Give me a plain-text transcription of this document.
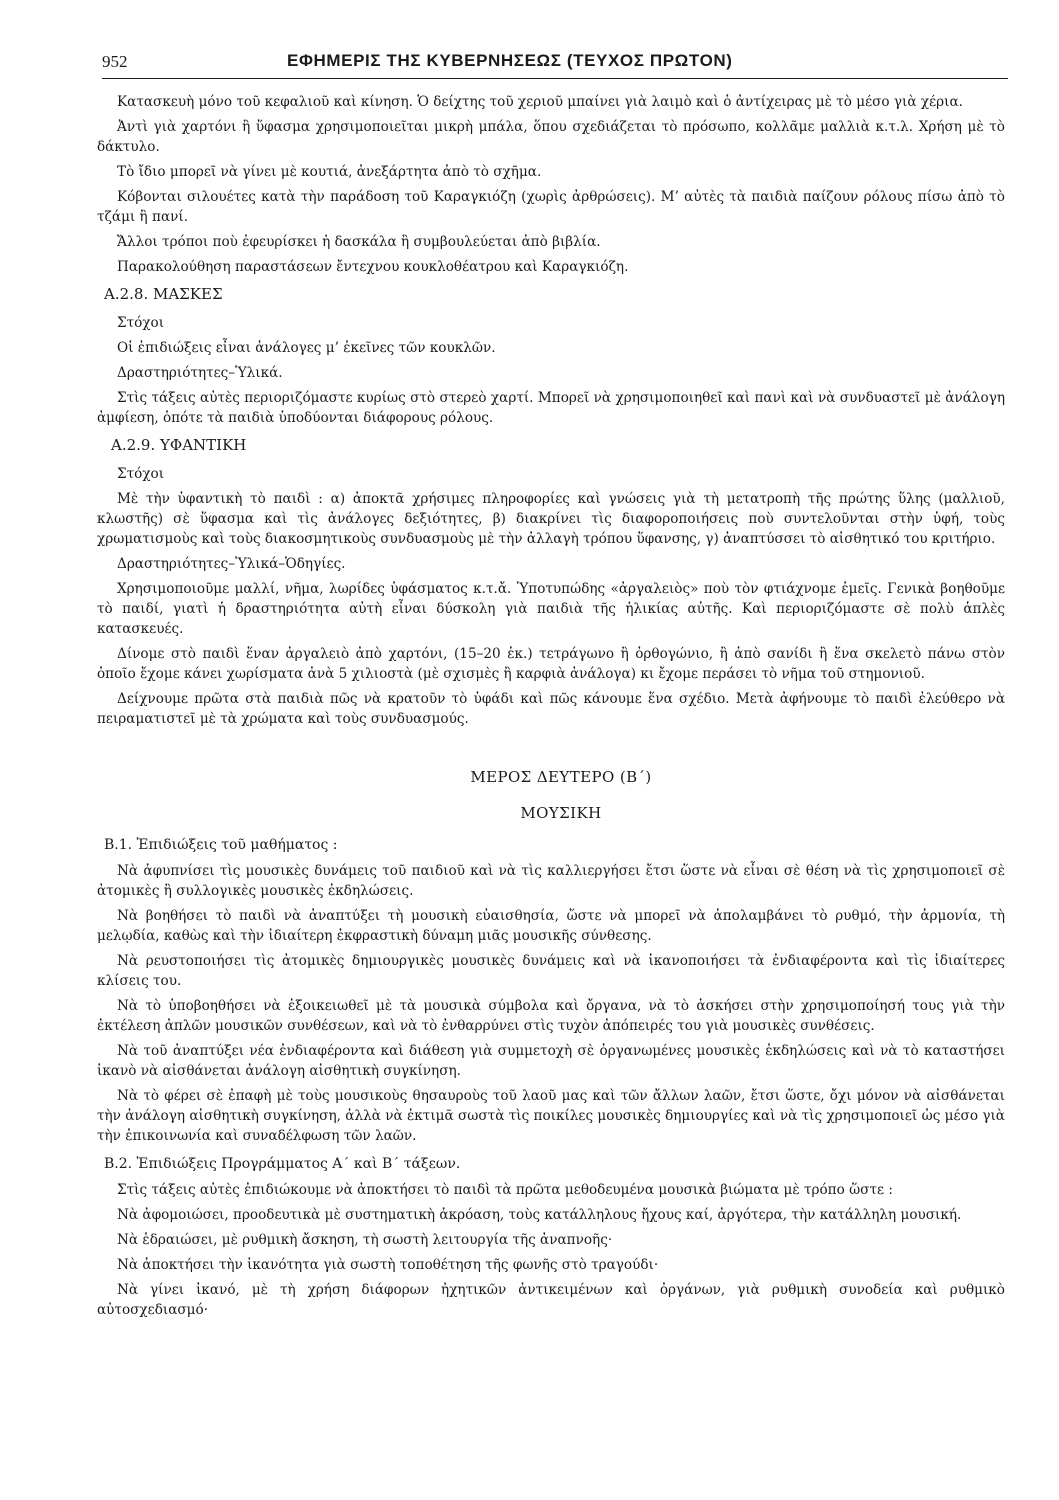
952	ΕΦΗΜΕΡΙΣ ΤΗΣ ΚΥΒΕΡΝΗΣΕΩΣ (ΤΕΥΧΟΣ ΠΡΩΤΟΝ)

Κατασκευὴ μόνο τοῦ κεφαλιοῦ καὶ κίνηση. Ὁ δείχτης τοῦ χεριοῦ μπαίνει γιὰ λαιμὸ καὶ ὁ ἀντίχειρας μὲ τὸ μέσο γιὰ χέρια.

Ἀντὶ γιὰ χαρτόνι ἢ ὕφασμα χρησιμοποιεῖται μικρὴ μπάλα, ὅπου σχεδιάζεται τὸ πρόσωπο, κολλᾶμε μαλλιὰ κ.τ.λ. Χρήση μὲ τὸ δάκτυλο.

Τὸ ἴδιο μπορεῖ νὰ γίνει μὲ κουτιά, ἀνεξάρτητα ἀπὸ τὸ σχῆμα.

Κόβονται σιλουέτες κατὰ τὴν παράδοση τοῦ Καραγκιόζη (χωρὶς ἀρθρώσεις). Μ’ αὐτὲς τὰ παιδιὰ παίζουν ρόλους πίσω ἀπὸ τὸ τζάμι ἢ πανί.

Ἄλλοι τρόποι ποὺ ἐφευρίσκει ἡ δασκάλα ἢ συμβουλεύεται ἀπὸ βιβλία.

Παρακολούθηση παραστάσεων ἔντεχνου κουκλοθέατρου καὶ Καραγκιόζη.

Α.2.8. ΜΑΣΚΕΣ

Στόχοι

Οἱ ἐπιδιώξεις εἶναι ἀνάλογες μ’ ἐκεῖνες τῶν κουκλῶν.

Δραστηριότητες–Ὑλικά.

Στὶς τάξεις αὐτὲς περιοριζόμαστε κυρίως στὸ στερεὸ χαρτί. Μπορεῖ νὰ χρησιμοποιηθεῖ καὶ πανὶ καὶ νὰ συνδυαστεῖ μὲ ἀνάλογη ἀμφίεση, ὁπότε τὰ παιδιὰ ὑποδύονται διάφορους ρόλους.

Α.2.9. ΥΦΑΝΤΙΚΗ

Στόχοι

Μὲ τὴν ὑφαντικὴ τὸ παιδὶ : α) ἀποκτᾶ χρήσιμες πληροφορίες καὶ γνώσεις γιὰ τὴ μετατροπὴ τῆς πρώτης ὕλης (μαλλιοῦ, κλωστῆς) σὲ ὕφασμα καὶ τὶς ἀνάλογες δεξιότητες, β) διακρίνει τὶς διαφοροποιήσεις ποὺ συντελοῦνται στὴν ὑφή, τοὺς χρωματισμοὺς καὶ τοὺς διακοσμητικοὺς συνδυασμοὺς μὲ τὴν ἀλλαγὴ τρόπου ὕφανσης, γ) ἀναπτύσσει τὸ αἰσθητικό του κριτήριο.

Δραστηριότητες–Ὑλικά–Ὁδηγίες.

Χρησιμοποιοῦμε μαλλί, νῆμα, λωρίδες ὑφάσματος κ.τ.ἄ. Ὑποτυπώδης «ἀργαλειὸς» ποὺ τὸν φτιάχνομε ἐμεῖς. Γενικὰ βοηθοῦμε τὸ παιδί, γιατὶ ἡ δραστηριότητα αὐτὴ εἶναι δύσκολη γιὰ παιδιὰ τῆς ἡλικίας αὐτῆς. Καὶ περιοριζόμαστε σὲ πολὺ ἁπλὲς κατασκευές.

Δίνομε στὸ παιδὶ ἕναν ἀργαλειὸ ἀπὸ χαρτόνι, (15–20 ἑκ.) τετράγωνο ἢ ὀρθογώνιο, ἢ ἀπὸ σανίδι ἢ ἕνα σκελετὸ πάνω στὸν ὁποῖο ἔχομε κάνει χωρίσματα ἀνὰ 5 χιλιοστὰ (μὲ σχισμὲς ἢ καρφιὰ ἀνάλογα) κι ἔχομε περάσει τὸ νῆμα τοῦ στημονιοῦ.

Δείχνουμε πρῶτα στὰ παιδιὰ πῶς νὰ κρατοῦν τὸ ὑφάδι καὶ πῶς κάνουμε ἕνα σχέδιο. Μετὰ ἀφήνουμε τὸ παιδὶ ἐλεύθερο νὰ πειραματιστεῖ μὲ τὰ χρώματα καὶ τοὺς συνδυασμούς.

ΜΕΡΟΣ ΔΕΥΤΕΡΟ (Β΄)

ΜΟΥΣΙΚΗ

Β.1. Ἐπιδιώξεις τοῦ μαθήματος :

Νὰ ἀφυπνίσει τὶς μουσικὲς δυνάμεις τοῦ παιδιοῦ καὶ νὰ τὶς καλλιεργήσει ἔτσι ὥστε νὰ εἶναι σὲ θέση νὰ τὶς χρησιμοποιεῖ σὲ ἀτομικὲς ἢ συλλογικὲς μουσικὲς ἐκδηλώσεις.

Νὰ βοηθήσει τὸ παιδὶ νὰ ἀναπτύξει τὴ μουσικὴ εὐαισθησία, ὥστε νὰ μπορεῖ νὰ ἀπολαμβάνει τὸ ρυθμό, τὴν ἁρμονία, τὴ μελῳδία, καθὼς καὶ τὴν ἰδιαίτερη ἐκφραστικὴ δύναμη μιᾶς μουσικῆς σύνθεσης.

Νὰ ρευστοποιήσει τὶς ἀτομικὲς δημιουργικὲς μουσικὲς δυνάμεις καὶ νὰ ἱκανοποιήσει τὰ ἐνδιαφέροντα καὶ τὶς ἰδιαίτερες κλίσεις του.

Νὰ τὸ ὑποβοηθήσει νὰ ἐξοικειωθεῖ μὲ τὰ μουσικὰ σύμβολα καὶ ὄργανα, νὰ τὸ ἀσκήσει στὴν χρησιμοποίησή τους γιὰ τὴν ἐκτέλεση ἁπλῶν μουσικῶν συνθέσεων, καὶ νὰ τὸ ἐνθαρρύνει στὶς τυχὸν ἀπόπειρές του γιὰ μουσικὲς συνθέσεις.

Νὰ τοῦ ἀναπτύξει νέα ἐνδιαφέροντα καὶ διάθεση γιὰ συμμετοχὴ σὲ ὀργανωμένες μουσικὲς ἐκδηλώσεις καὶ νὰ τὸ καταστήσει ἱκανὸ νὰ αἰσθάνεται ἀνάλογη αἰσθητικὴ συγκίνηση.

Νὰ τὸ φέρει σὲ ἐπαφὴ μὲ τοὺς μουσικοὺς θησαυροὺς τοῦ λαοῦ μας καὶ τῶν ἄλλων λαῶν, ἔτσι ὥστε, ὄχι μόνον νὰ αἰσθάνεται τὴν ἀνάλογη αἰσθητικὴ συγκίνηση, ἀλλὰ νὰ ἐκτιμᾶ σωστὰ τὶς ποικίλες μουσικὲς δημιουργίες καὶ νὰ τὶς χρησιμοποιεῖ ὡς μέσο γιὰ τὴν ἐπικοινωνία καὶ συναδέλφωση τῶν λαῶν.

Β.2. Ἐπιδιώξεις Προγράμματος Α΄ καὶ Β΄ τάξεων.

Στὶς τάξεις αὐτὲς ἐπιδιώκουμε νὰ ἀποκτήσει τὸ παιδὶ τὰ πρῶτα μεθοδευμένα μουσικὰ βιώματα μὲ τρόπο ὥστε :

Νὰ ἀφομοιώσει, προοδευτικὰ μὲ συστηματικὴ ἀκρόαση, τοὺς κατάλληλους ἤχους καί, ἀργότερα, τὴν κατάλληλη μουσική.

Νὰ ἑδραιώσει, μὲ ρυθμικὴ ἄσκηση, τὴ σωστὴ λειτουργία τῆς ἀναπνοῆς·

Νὰ ἀποκτήσει τὴν ἱκανότητα γιὰ σωστὴ τοποθέτηση τῆς φωνῆς στὸ τραγούδι·

Νὰ γίνει ἱκανό, μὲ τὴ χρήση διάφορων ἠχητικῶν ἀντικειμένων καὶ ὀργάνων, γιὰ ρυθμικὴ συνοδεία καὶ ρυθμικὸ αὐτοσχεδιασμό·
